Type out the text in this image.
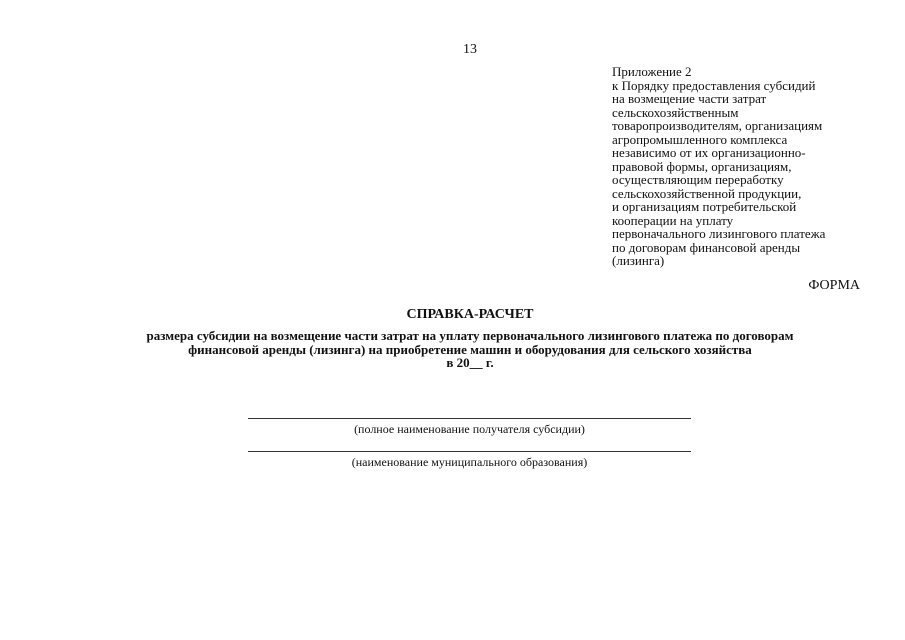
13
Приложение 2
к Порядку предоставления субсидий
на возмещение части затрат
сельскохозяйственным
товаропроизводителям, организациям
агропромышленного комплекса
независимо от их организационно-
правовой формы, организациям,
осуществляющим переработку
сельскохозяйственной продукции,
и организациям потребительской
кооперации на уплату
первоначального лизингового платежа
по договорам финансовой аренды
(лизинга)
ФОРМА
СПРАВКА-РАСЧЕТ
размера субсидии на возмещение части затрат на уплату первоначального лизингового платежа по договорам
финансовой аренды (лизинга) на приобретение машин и оборудования для сельского хозяйства
в 20__ г.
(полное наименование получателя субсидии)
(наименование муниципального образования)
